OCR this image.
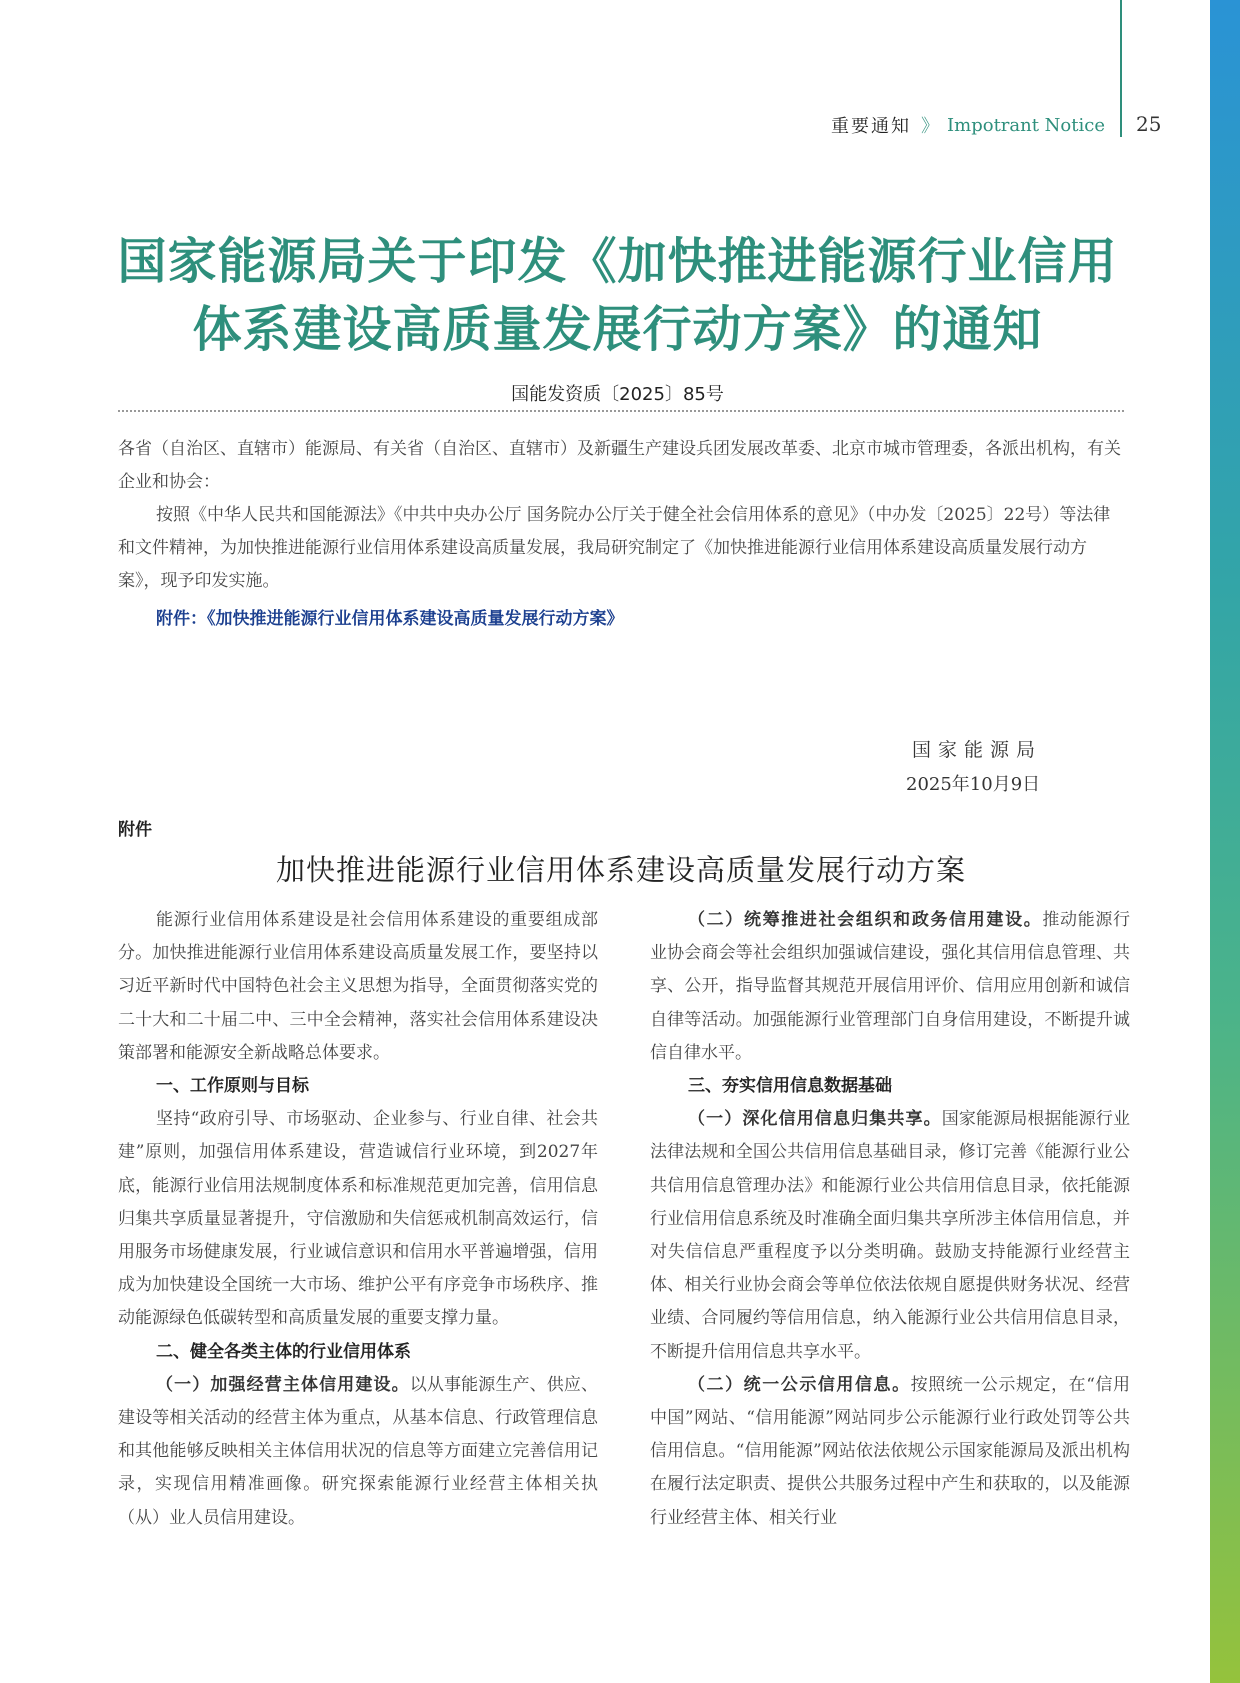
重要通知 》 Impotrant Notice 25
国家能源局关于印发《加快推进能源行业信用
体系建设高质量发展行动方案》的通知
国能发资质〔2025〕85号
各省（自治区、直辖市）能源局、有关省（自治区、直辖市）及新疆生产建设兵团发展改革委、北京市城市管理委，各派出机构，有关企业和协会：
按照《中华人民共和国能源法》《中共中央办公厅 国务院办公厅关于健全社会信用体系的意见》（中办发〔2025〕22号）等法律和文件精神，为加快推进能源行业信用体系建设高质量发展，我局研究制定了《加快推进能源行业信用体系建设高质量发展行动方案》，现予印发实施。
附件：《加快推进能源行业信用体系建设高质量发展行动方案》
国家能源局
2025年10月9日
附件
加快推进能源行业信用体系建设高质量发展行动方案

能源行业信用体系建设是社会信用体系建设的重要组成部分。加快推进能源行业信用体系建设高质量发展工作，要坚持以习近平新时代中国特色社会主义思想为指导，全面贯彻落实党的二十大和二十届二中、三中全会精神，落实社会信用体系建设决策部署和能源安全新战略总体要求。

一、工作原则与目标

坚持“政府引导、市场驱动、企业参与、行业自律、社会共建”原则，加强信用体系建设，营造诚信行业环境，到2027年底，能源行业信用法规制度体系和标准规范更加完善，信用信息归集共享质量显著提升，守信激励和失信惩戒机制高效运行，信用服务市场健康发展，行业诚信意识和信用水平普遍增强，信用成为加快建设全国统一大市场、维护公平有序竞争市场秩序、推动能源绿色低碳转型和高质量发展的重要支撑力量。

二、健全各类主体的行业信用体系

（一）加强经营主体信用建设。以从事能源生产、供应、建设等相关活动的经营主体为重点，从基本信息、行政管理信息和其他能够反映相关主体信用状况的信息等方面建立完善信用记录，实现信用精准画像。研究探索能源行业经营主体相关执（从）业人员信用建设。

（二）统筹推进社会组织和政务信用建设。推动能源行业协会商会等社会组织加强诚信建设，强化其信用信息管理、共享、公开，指导监督其规范开展信用评价、信用应用创新和诚信自律等活动。加强能源行业管理部门自身信用建设，不断提升诚信自律水平。

三、夯实信用信息数据基础

（一）深化信用信息归集共享。国家能源局根据能源行业法律法规和全国公共信用信息基础目录，修订完善《能源行业公共信用信息管理办法》和能源行业公共信用信息目录，依托能源行业信用信息系统及时准确全面归集共享所涉主体信用信息，并对失信信息严重程度予以分类明确。鼓励支持能源行业经营主体、相关行业协会商会等单位依法依规自愿提供财务状况、经营业绩、合同履约等信用信息，纳入能源行业公共信用信息目录，不断提升信用信息共享水平。

（二）统一公示信用信息。按照统一公示规定，在“信用中国”网站、“信用能源”网站同步公示能源行业行政处罚等公共信用信息。“信用能源”网站依法依规公示国家能源局及派出机构在履行法定职责、提供公共服务过程中产生和获取的，以及能源行业经营主体、相关行业
